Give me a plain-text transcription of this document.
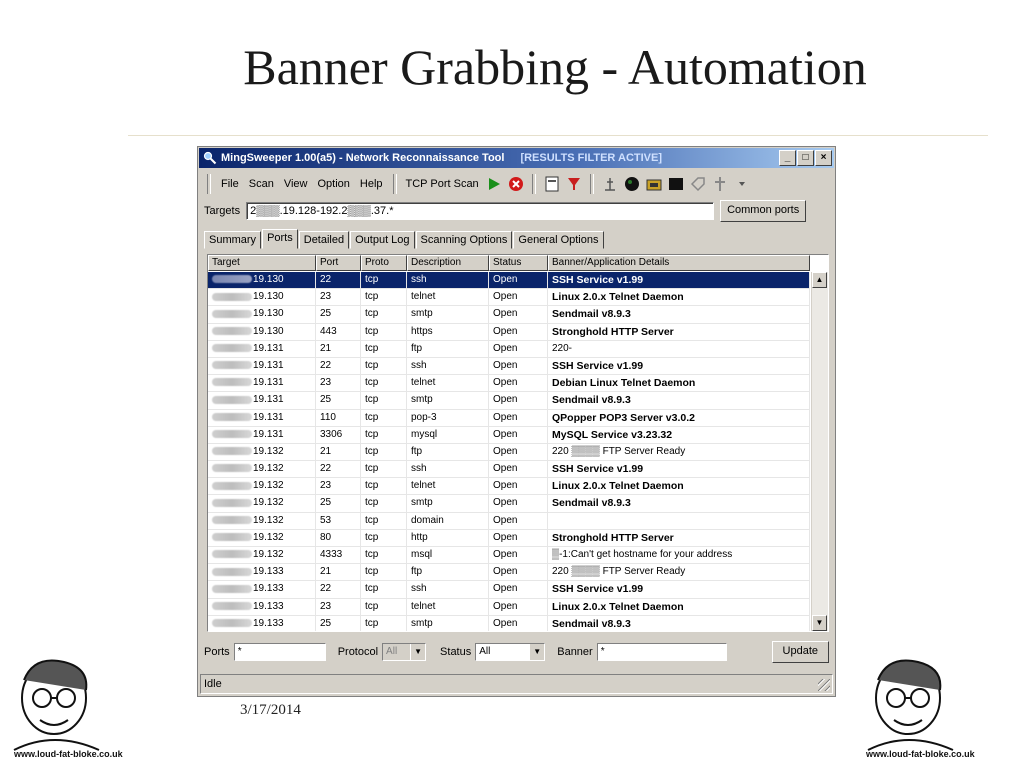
Banner Grabbing - Automation
MingSweeper 1.00(a5) - Network Reconnaissance Tool [RESULTS FILTER ACTIVE]	_	□	×
File Scan View Option Help	TCP Port Scan
Targets 2▒▒▒.19.128-192.2▒▒▒.37.*	Common ports
Summary	Ports	Detailed	Output Log	Scanning Options	General Options
Target	Port	Proto	Description	Status	Banner/Application Details
19.130	22	tcp	ssh	Open	SSH Service v1.99
19.130	23	tcp	telnet	Open	Linux 2.0.x Telnet Daemon
19.130	25	tcp	smtp	Open	Sendmail v8.9.3
19.130	443	tcp	https	Open	Stronghold HTTP Server
19.131	21	tcp	ftp	Open	220-
19.131	22	tcp	ssh	Open	SSH Service v1.99
19.131	23	tcp	telnet	Open	Debian Linux Telnet Daemon
19.131	25	tcp	smtp	Open	Sendmail v8.9.3
19.131	110	tcp	pop-3	Open	QPopper POP3 Server v3.0.2
19.131	3306	tcp	mysql	Open	MySQL Service v3.23.32
19.132	21	tcp	ftp	Open	220 ▒▒▒▒ FTP Server Ready
19.132	22	tcp	ssh	Open	SSH Service v1.99
19.132	23	tcp	telnet	Open	Linux 2.0.x Telnet Daemon
19.132	25	tcp	smtp	Open	Sendmail v8.9.3
19.132	53	tcp	domain	Open
19.132	80	tcp	http	Open	Stronghold HTTP Server
19.132	4333	tcp	msql	Open	▒-1:Can't get hostname for your address
19.133	21	tcp	ftp	Open	220 ▒▒▒▒ FTP Server Ready
19.133	22	tcp	ssh	Open	SSH Service v1.99
19.133	23	tcp	telnet	Open	Linux 2.0.x Telnet Daemon
19.133	25	tcp	smtp	Open	Sendmail v8.9.3
▲
▼
Ports *	Protocol All	▼ Status All	▼ Banner *	Update
Idle
3/17/2014
www.loud-fat-bloke.co.uk	www.loud-fat-bloke.co.uk
